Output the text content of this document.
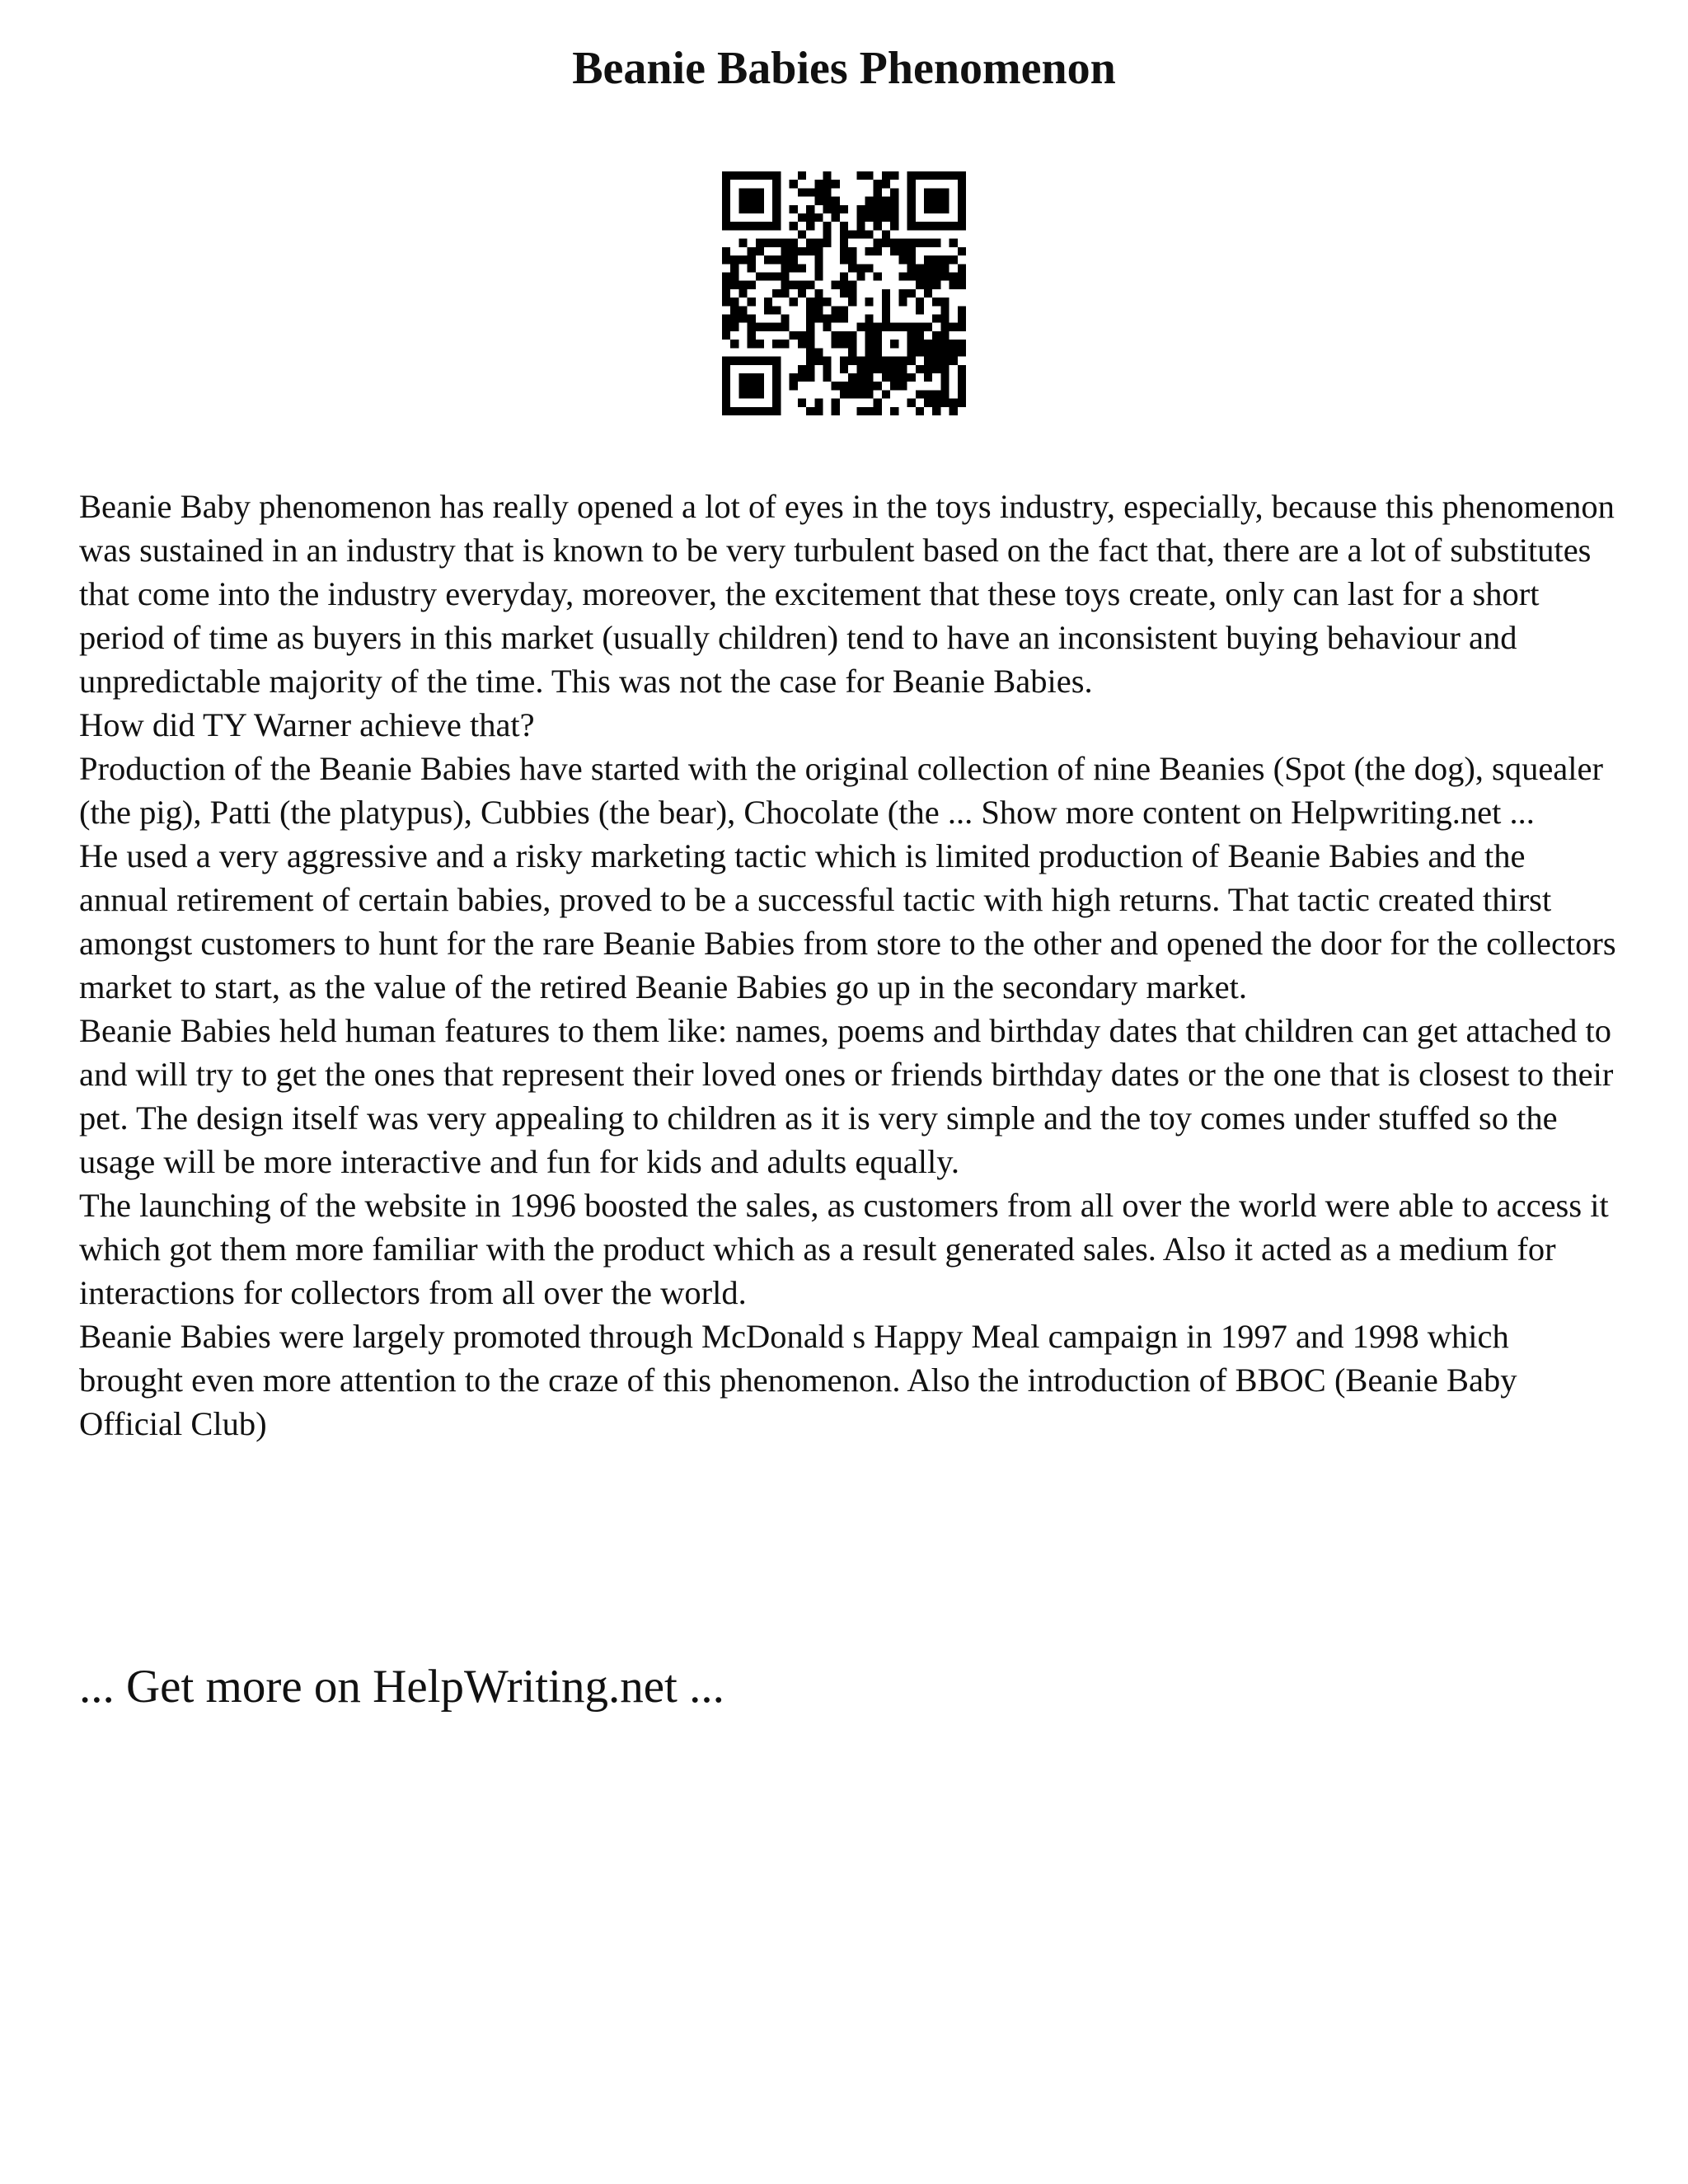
Beanie Babies Phenomenon

Beanie Baby phenomenon has really opened a lot of eyes in the toys industry, especially, because this phenomenon was sustained in an industry that is known to be very turbulent based on the fact that, there are a lot of substitutes that come into the industry everyday, moreover, the excitement that these toys create, only can last for a short period of time as buyers in this market (usually children) tend to have an inconsistent buying behaviour and unpredictable majority of the time. This was not the case for Beanie Babies.

How did TY Warner achieve that?

Production of the Beanie Babies have started with the original collection of nine Beanies (Spot (the dog), squealer (the pig), Patti (the platypus), Cubbies (the bear), Chocolate (the ... Show more content on Helpwriting.net ...

He used a very aggressive and a risky marketing tactic which is limited production of Beanie Babies and the annual retirement of certain babies, proved to be a successful tactic with high returns. That tactic created thirst amongst customers to hunt for the rare Beanie Babies from store to the other and opened the door for the collectors market to start, as the value of the retired Beanie Babies go up in the secondary market.

Beanie Babies held human features to them like: names, poems and birthday dates that children can get attached to and will try to get the ones that represent their loved ones or friends birthday dates or the one that is closest to their pet. The design itself was very appealing to children as it is very simple and the toy comes under stuffed so the usage will be more interactive and fun for kids and adults equally.

The launching of the website in 1996 boosted the sales, as customers from all over the world were able to access it which got them more familiar with the product which as a result generated sales. Also it acted as a medium for interactions for collectors from all over the world.

Beanie Babies were largely promoted through McDonald s Happy Meal campaign in 1997 and 1998 which brought even more attention to the craze of this phenomenon. Also the introduction of BBOC (Beanie Baby Official Club)

... Get more on HelpWriting.net ...
